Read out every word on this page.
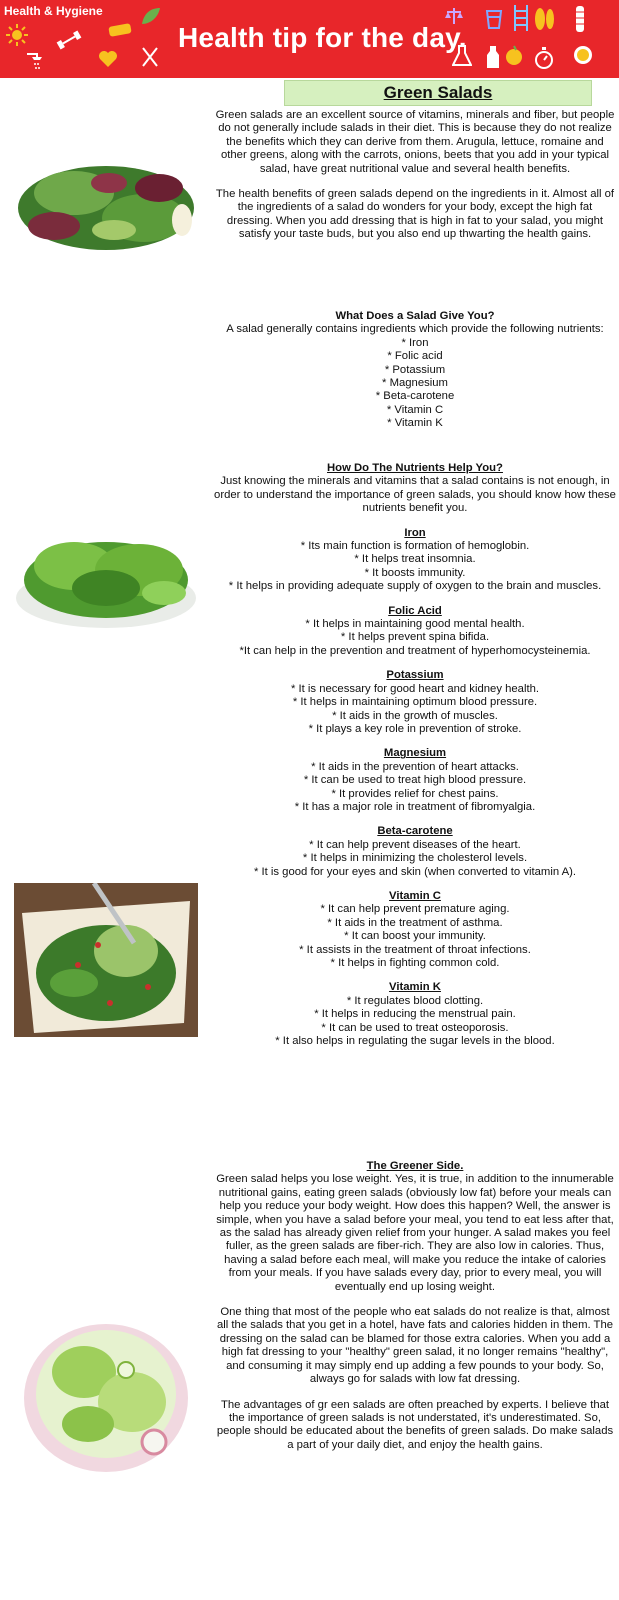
Health & Hygiene
Health tip for the day.
Green Salads

Green salads are an excellent source of vitamins, minerals and fiber, but people do not generally include salads in their diet. This is because they do not realize the benefits which they can derive from them. Arugula, lettuce, romaine and other greens, along with the carrots, onions, beets that you add in your typical salad, have great nutritional value and several health benefits.

The health benefits of green salads depend on the ingredients in it. Almost all of the ingredients of a salad do wonders for your body, except the high fat dressing. When you add dressing that is high in fat to your salad, you might satisfy your taste buds, but you also end up thwarting the health gains.

What Does a Salad Give You?
A salad generally contains ingredients which provide the following nutrients:
* Iron
* Folic acid
* Potassium
* Magnesium
* Beta-carotene
* Vitamin C
* Vitamin K
How Do The Nutrients Help You?
Just knowing the minerals and vitamins that a salad contains is not enough, in order to understand the importance of green salads, you should know how these nutrients benefit you.
Iron
* Its main function is formation of hemoglobin.
* It helps treat insomnia.
* It boosts immunity.
* It helps in providing adequate supply of oxygen to the brain and muscles.
Folic Acid
* It helps in maintaining good mental health.
* It helps prevent spina bifida.
*It can help in the prevention and treatment of hyperhomocysteinemia.
Potassium
* It is necessary for good heart and kidney health.
* It helps in maintaining optimum blood pressure.
* It aids in the growth of muscles.
* It plays a key role in prevention of stroke.
Magnesium
* It aids in the prevention of heart attacks.
* It can be used to treat high blood pressure.
* It provides relief for chest pains.
* It has a major role in treatment of fibromyalgia.
Beta-carotene
* It can help prevent diseases of the heart.
* It helps in minimizing the cholesterol levels.
* It is good for your eyes and skin (when converted to vitamin A).
Vitamin C
* It can help prevent premature aging.
* It aids in the treatment of asthma.
* It can boost your immunity.
* It assists in the treatment of throat infections.
* It helps in fighting common cold.
Vitamin K
* It regulates blood clotting.
* It helps in reducing the menstrual pain.
* It can be used to treat osteoporosis.
* It also helps in regulating the sugar levels in the blood.
The Greener Side.

Green salad helps you lose weight. Yes, it is true, in addition to the innumerable nutritional gains, eating green salads (obviously low fat) before your meals can help you reduce your body weight. How does this happen? Well, the answer is simple, when you have a salad before your meal, you tend to eat less after that, as the salad has already given relief from your hunger. A salad makes you feel fuller, as the green salads are fiber-rich. They are also low in calories. Thus, having a salad before each meal, will make you reduce the intake of calories from your meals. If you have salads every day, prior to every meal, you will eventually end up losing weight.

One thing that most of the people who eat salads do not realize is that, almost all the salads that you get in a hotel, have fats and calories hidden in them. The dressing on the salad can be blamed for those extra calories. When you add a high fat dressing to your "healthy" green salad, it no longer remains "healthy", and consuming it may simply end up adding a few pounds to your body. So, always go for salads with low fat dressing.

The advantages of gr een salads are often preached by experts. I believe that the importance of green salads is not understated, it's underestimated. So, people should be educated about the benefits of green salads. Do make salads a part of your daily diet, and enjoy the health gains.
